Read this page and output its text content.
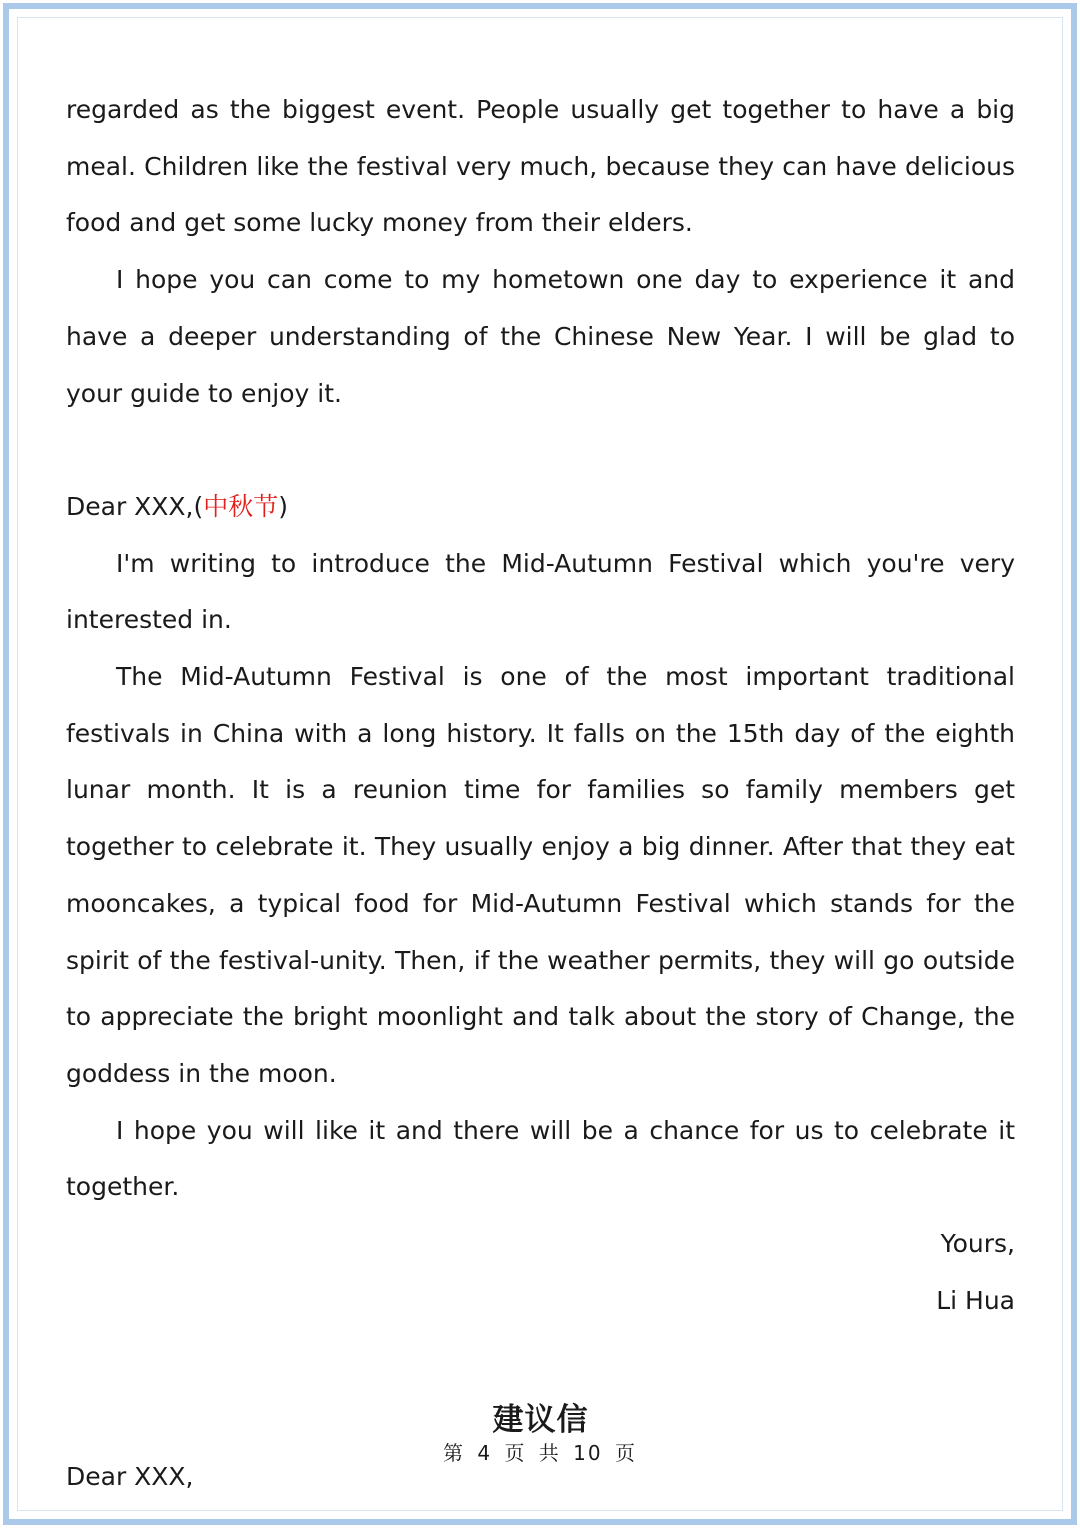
regarded as the biggest event. People usually get together to have a big meal. Children like the festival very much, because they can have delicious food and get some lucky money from their elders.

I hope you can come to my hometown one day to experience it and have a deeper understanding of the Chinese New Year. I will be glad to your guide to enjoy it.

Dear XXX,(中秋节)

I'm writing to introduce the Mid-Autumn Festival which you're very interested in.

The Mid-Autumn Festival is one of the most important traditional festivals in China with a long history. It falls on the 15th day of the eighth lunar month. It is a reunion time for families so family members get together to celebrate it. They usually enjoy a big dinner. After that they eat mooncakes, a typical food for Mid-Autumn Festival which stands for the spirit of the festival-unity. Then, if the weather permits, they will go outside to appreciate the bright moonlight and talk about the story of Change, the goddess in the moon.

I hope you will like it and there will be a chance for us to celebrate it together.

Yours,

Li Hua

建议信

Dear XXX,

第 4 页 共 10 页
